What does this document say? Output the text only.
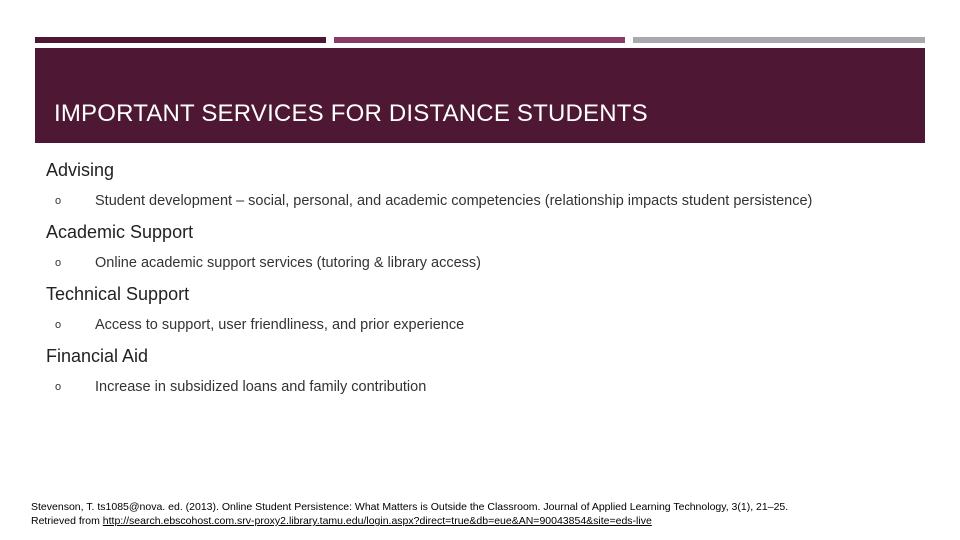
IMPORTANT SERVICES FOR DISTANCE STUDENTS
Advising
o Student development – social, personal, and academic competencies (relationship impacts student persistence)
Academic Support
o Online academic support services (tutoring & library access)
Technical Support
o Access to support, user friendliness, and prior experience
Financial Aid
o Increase in subsidized loans and family contribution
Stevenson, T. ts1085@nova. ed. (2013). Online Student Persistence: What Matters is Outside the Classroom. Journal of Applied Learning Technology, 3(1), 21–25.
Retrieved from http://search.ebscohost.com.srv-proxy2.library.tamu.edu/login.aspx?direct=true&db=eue&AN=90043854&site=eds-live
